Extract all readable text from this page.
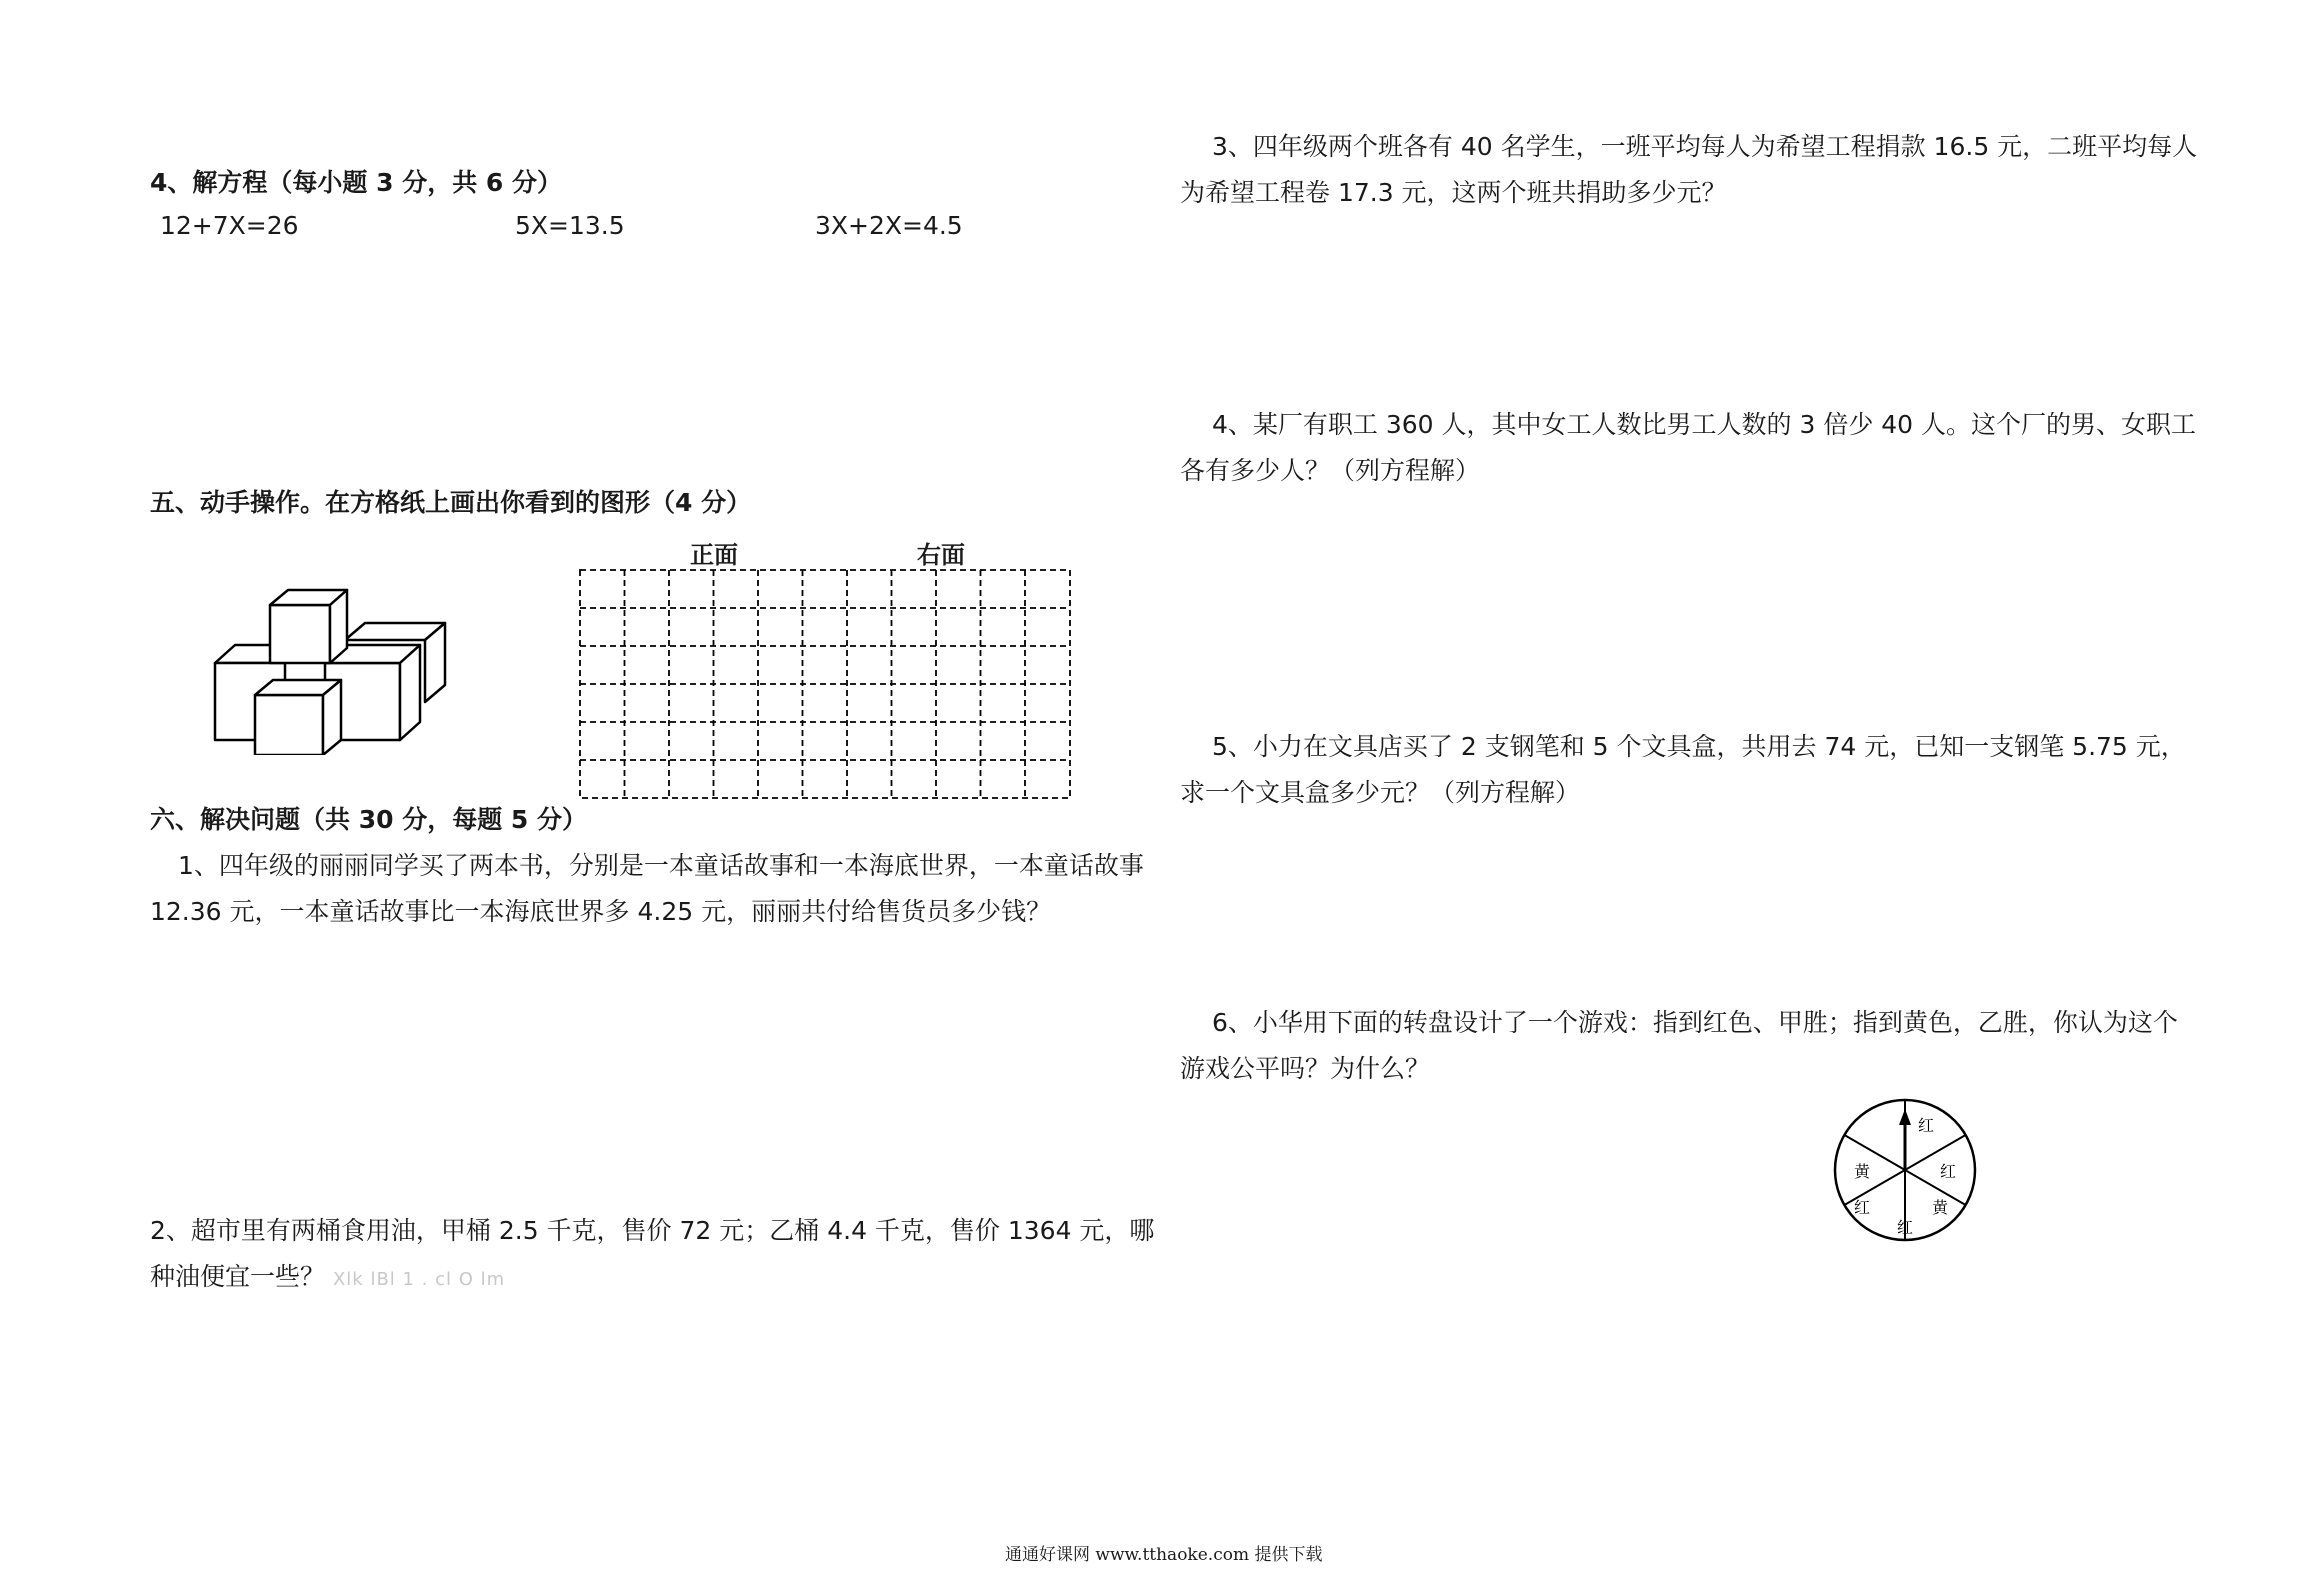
4、解方程（每小题 3 分，共 6 分）
12+7X=26	5X=13.5	3X+2X=4.5
五、动手操作。在方格纸上画出你看到的图形（4 分）
正面	右面
六、解决问题（共 30 分，每题 5 分）
1、四年级的丽丽同学买了两本书，分别是一本童话故事和一本海底世界，一本童话故事
12.36 元，一本童话故事比一本海底世界多 4.25 元，丽丽共付给售货员多少钱？
2、超市里有两桶食用油，甲桶 2.5 千克，售价 72 元；乙桶 4.4 千克，售价 1364 元，哪
种油便宜一些？ Xlk lBl 1 . cl O lm
3、四年级两个班各有 40 名学生，一班平均每人为希望工程捐款 16.5 元，二班平均每人
为希望工程卷 17.3 元，这两个班共捐助多少元？
4、某厂有职工 360 人，其中女工人数比男工人数的 3 倍少 40 人。这个厂的男、女职工
各有多少人？（列方程解）
5、小力在文具店买了 2 支钢笔和 5 个文具盒，共用去 74 元，已知一支钢笔 5.75 元，
求一个文具盒多少元？（列方程解）
6、小华用下面的转盘设计了一个游戏：指到红色、甲胜；指到黄色，乙胜，你认为这个
游戏公平吗？为什么？
红
红
黄
红
红
黄
通通好课网 www.tthaoke.com 提供下载
